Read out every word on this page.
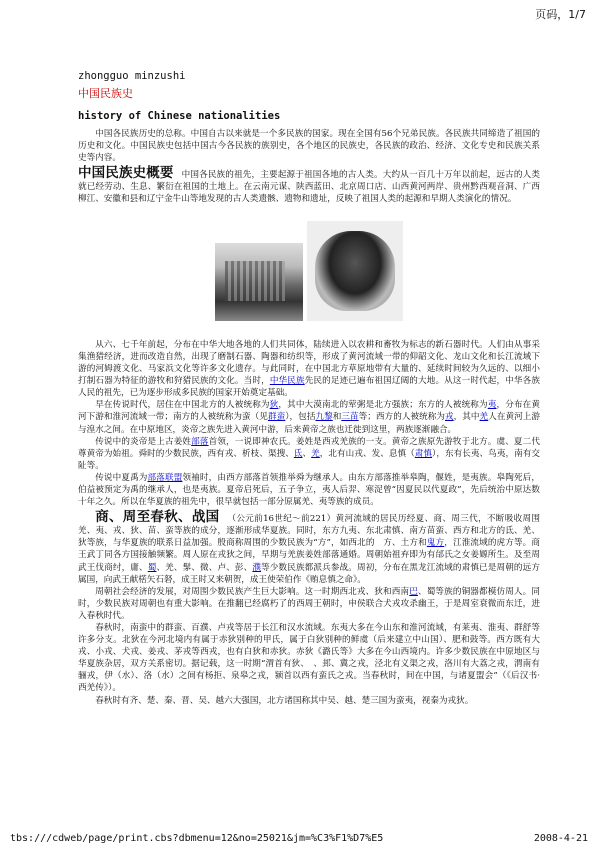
页码，1/7
zhongguo minzushi
中国民族史
history of Chinese nationalities

中国各民族历史的总称。中国自古以来就是一个多民族的国家。现在全国有56个兄弟民族。各民族共同缔造了祖国的历史和文化。中国民族史包括中国古今各民族的族别史，各个地区的民族史，各民族的政治、经济、文化专史和民族关系史等内容。

中国民族史概要 中国各民族的祖先，主要起源于祖国各地的古人类。大约从一百几十万年以前起，远古的人类就已经劳动、生息、繁衍在祖国的土地上。在云南元谋、陕西蓝田、北京周口店、山西黄河两岸、贵州黔西观音洞、广西柳江、安徽和县和辽宁金牛山等地发现的古人类遗骸、遗物和遗址，反映了祖国人类的起源和早期人类演化的情况。

从六、七千年前起，分布在中华大地各地的人们共同体，陆续进入以农耕和畜牧为标志的新石器时代。人们由从事采集渔猎经济，进而改造自然，出现了磨制石器、陶器和纺织等，形成了黄河流域一带的仰韶文化、龙山文化和长江流域下游的河姆渡文化、马家浜文化等许多文化遗存。与此同时，在中国北方草原地带有大量的、延续时间较为久远的、以细小打制石器为特征的游牧和狩猎民族的文化。当时，中华民族先民的足迹已遍布祖国辽阔的大地。从这一时代起，中华各族人民的祖先，已为逐步形成多民族的国家开始奠定基础。

早在传说时代，居住在中国北方的人被统称为狄，其中大漠南北的荤粥是北方强族；东方的人被统称为夷，分布在黄河下游和淮河流域一带；南方的人被统称为蛮（见群蛮），包括九黎和三苗等；西方的人被统称为戎，其中羌人在黄河上游与湟水之间。在中原地区，炎帝之族先进入黄河中游，后来黄帝之族也迁徙到这里，两族逐渐融合。

传说中的炎帝是上古姜姓部落首领，一说即神农氏。姜姓是西戎羌族的一支。黄帝之族原先游牧于北方。虞、夏二代尊黄帝为始祖。舜时的少数民族，西有戎、析枝、渠搜、氐、羌，北有山戎、发、息慎（肃慎），东有长夷、鸟夷，南有交阯等。

传说中夏禹为部落联盟领袖时，由西方部落首领推举舜为继承人。由东方部落推举皋陶，偃姓，是夷族。皋陶死后，伯益被预定为禹的继承人，也是夷族。夏帝启死后，五子争立，夷人后羿、寒浞曾“因夏民以代夏政”，先后统治中原达数十年之久。所以在华夏族的祖先中，很早就包括一部分原属羌、夷等族的成员。

商、周至春秋、战国 （公元前16世纪～前221）黄河流域的居民历经夏、商、周三代，不断吸收周围羌、夷、戎、狄、苗、蛮等族的成分，逐渐形成华夏族。同时，东方九夷、东北肃慎、南方苗蛮、西方和北方的氐、羌、狄等族，与华夏族的联系日益加强。殷商称周围的少数民族为“方”，如西北的　方、土方和鬼方，江淮流域的虎方等。商王武丁同各方国接触频繁。周人原在戎狄之间，早期与羌族姜姓部落通婚。周朝始祖弃即为有邰氏之女姜嫄所生。及至周武王伐商纣，庸、蜀、羌、髳、微、卢、彭、濮等少数民族都派兵参战。周初，分布在黑龙江流域的肃慎已是周朝的远方属国，向武王献楛矢石砮，成王时又来朝贺，成王使荣伯作《贿息慎之命》。

周朝社会经济的发展，对周围少数民族产生巨大影响。这一时期西北戎、狄和西南巴、蜀等族的铜器都模仿周人。同时，少数民族对周朝也有重大影响。在推翻已经腐朽了的西周王朝时，申侯联合犬戎攻杀幽王，于是周室衰微而东迁，进入春秋时代。

春秋时，南蛮中的群蛮、百濮、卢戎等居于长江和汉水流域。东夷大多在今山东和淮河流域，有莱夷、淮夷、群舒等许多分支。北狄在今河北境内有属于赤狄别种的甲氏，属于白狄别种的鲜虞（后来建立中山国）、肥和鼓等。西方既有大戎、小戎、犬戎、姜戎、茅戎等西戎，也有白狄和赤狄。赤狄《潞氏等》大多在今山西境内。许多少数民族在中原地区与华夏族杂居，双方关系密切。据记载，这一时期“渭首有狄、　、邽、冀之戎，泾北有义渠之戎，洛川有大荔之戎，渭南有骊戎，伊（水）、洛（水）之间有杨拒、泉皋之戎，颍首以西有蛮氏之戎。当春秋时，间在中国，与诸夏盟会”（《后汉书·西羌传》）。

春秋时有齐、楚、秦、晋、吴、越六大强国，北方诸国称其中吴、越、楚三国为蛮夷，视秦为戎狄。

tbs:///cdweb/page/print.cbs?dbmenu=12&no=25021&jm=%C3%F1%D7%E5	2008-4-21
